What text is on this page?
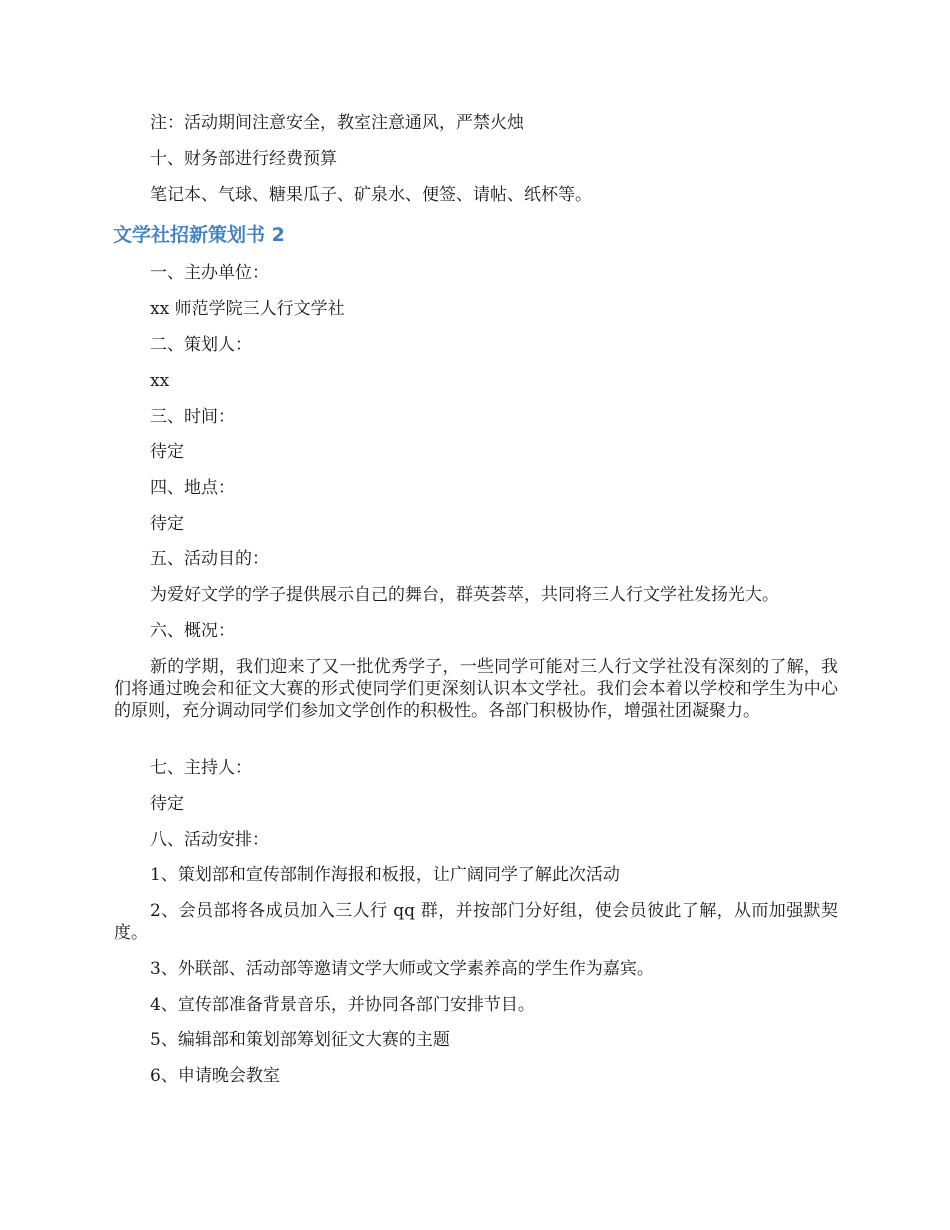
注：活动期间注意安全，教室注意通风，严禁火烛

十、财务部进行经费预算

笔记本、气球、糖果瓜子、矿泉水、便签、请帖、纸杯等。

文学社招新策划书 2

一、主办单位：

xx 师范学院三人行文学社

二、策划人：

xx

三、时间：

待定

四、地点：

待定

五、活动目的：

为爱好文学的学子提供展示自己的舞台，群英荟萃，共同将三人行文学社发扬光大。

六、概况：

新的学期，我们迎来了又一批优秀学子，一些同学可能对三人行文学社没有深刻的了解，我们将通过晚会和征文大赛的形式使同学们更深刻认识本文学社。我们会本着以学校和学生为中心的原则，充分调动同学们参加文学创作的积极性。各部门积极协作，增强社团凝聚力。

七、主持人：

待定

八、活动安排：

1、策划部和宣传部制作海报和板报，让广阔同学了解此次活动

2、会员部将各成员加入三人行 qq 群，并按部门分好组，使会员彼此了解，从而加强默契度。

3、外联部、活动部等邀请文学大师或文学素养高的学生作为嘉宾。

4、宣传部准备背景音乐，并协同各部门安排节目。

5、编辑部和策划部筹划征文大赛的主题

6、申请晚会教室
